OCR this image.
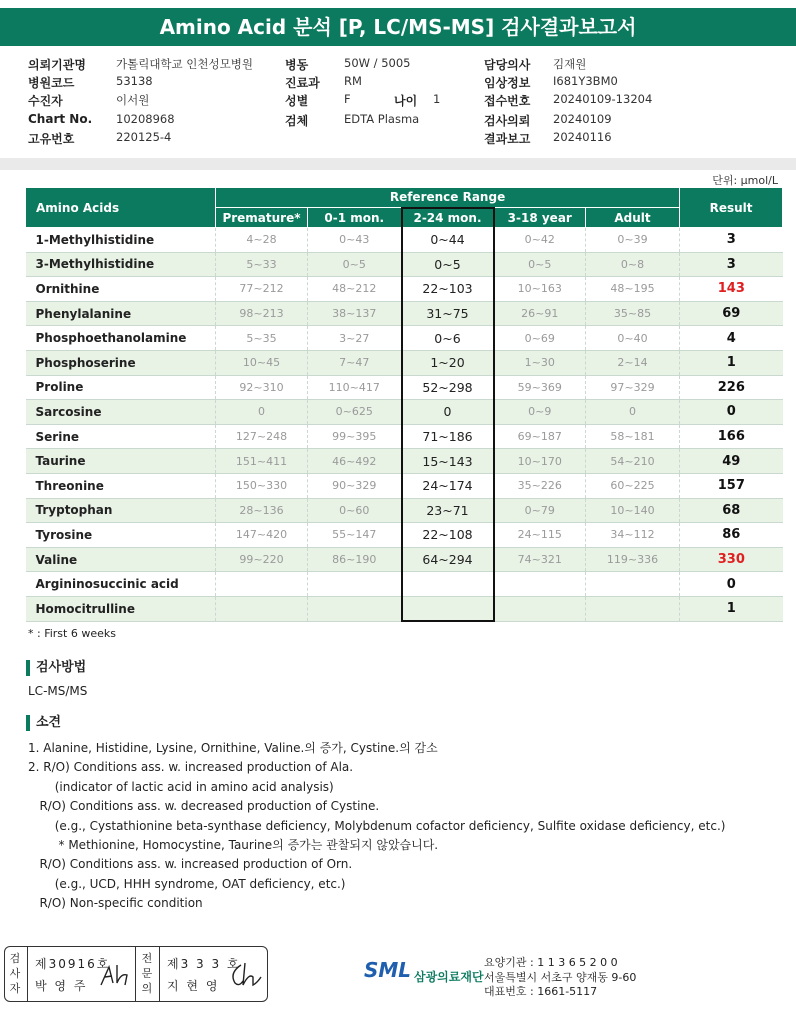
Amino Acid 분석 [P, LC/MS-MS] 검사결과보고서
의뢰기관명	가톨릭대학교 인천성모병원
병원코드	53138
수진자	이서원
Chart No. 10208968
고유번호	220125-4
병동	50W / 5005
진료과 RM
성별	F
검체	EDTA Plasma
나이 1
담당의사 김재원
임상정보 I681Y3BM0
접수번호 20240109-13204
검사의뢰 20240109
결과보고 20240116
단위: μmol/L
Amino Acids	Reference Range					Result
	Premature*	0-1 mon.	2-24 mon.	3-18 year	Adult	
1-Methylhistidine	4~28	0~43	0~44	0~42	0~39	3
3-Methylhistidine	5~33	0~5	0~5	0~5	0~8	3
Ornithine	77~212	48~212	22~103	10~163	48~195	143
Phenylalanine	98~213	38~137	31~75	26~91	35~85	69
Phosphoethanolamine	5~35	3~27	0~6	0~69	0~40	4
Phosphoserine	10~45	7~47	1~20	1~30	2~14	1
Proline	92~310	110~417	52~298	59~369	97~329	226
Sarcosine	0	0~625	0	0~9	0	0
Serine	127~248	99~395	71~186	69~187	58~181	166
Taurine	151~411	46~492	15~143	10~170	54~210	49
Threonine	150~330	90~329	24~174	35~226	60~225	157
Tryptophan	28~136	0~60	23~71	0~79	10~140	68
Tyrosine	147~420	55~147	22~108	24~115	34~112	86
Valine	99~220	86~190	64~294	74~321	119~336	330
Argininosuccinic acid						0
Homocitrulline						1
* : First 6 weeks
검사방법
LC-MS/MS
소견
1. Alanine, Histidine, Lysine, Ornithine, Valine.의 증가, Cystine.의 감소
2. R/O) Conditions ass. w. increased production of Ala.
(indicator of lactic acid in amino acid analysis)
R/O) Conditions ass. w. decreased production of Cystine.
(e.g., Cystathionine beta-synthase deficiency, Molybdenum cofactor deficiency, Sulfite oxidase deficiency, etc.)
* Methionine, Homocystine, Taurine의 증가는 관찰되지 않았습니다.
R/O) Conditions ass. w. increased production of Orn.
(e.g., UCD, HHH syndrome, OAT deficiency, etc.)
R/O) Non-specific condition
검
사
자
제30916호
박 영 주
전
문
의
제3 3 3 호
지 현 영
SML 삼광의료재단
요양기관 : 1 1 3 6 5 2 0 0
서울특별시 서초구 양재동 9-60
대표번호 : 1661-5117
